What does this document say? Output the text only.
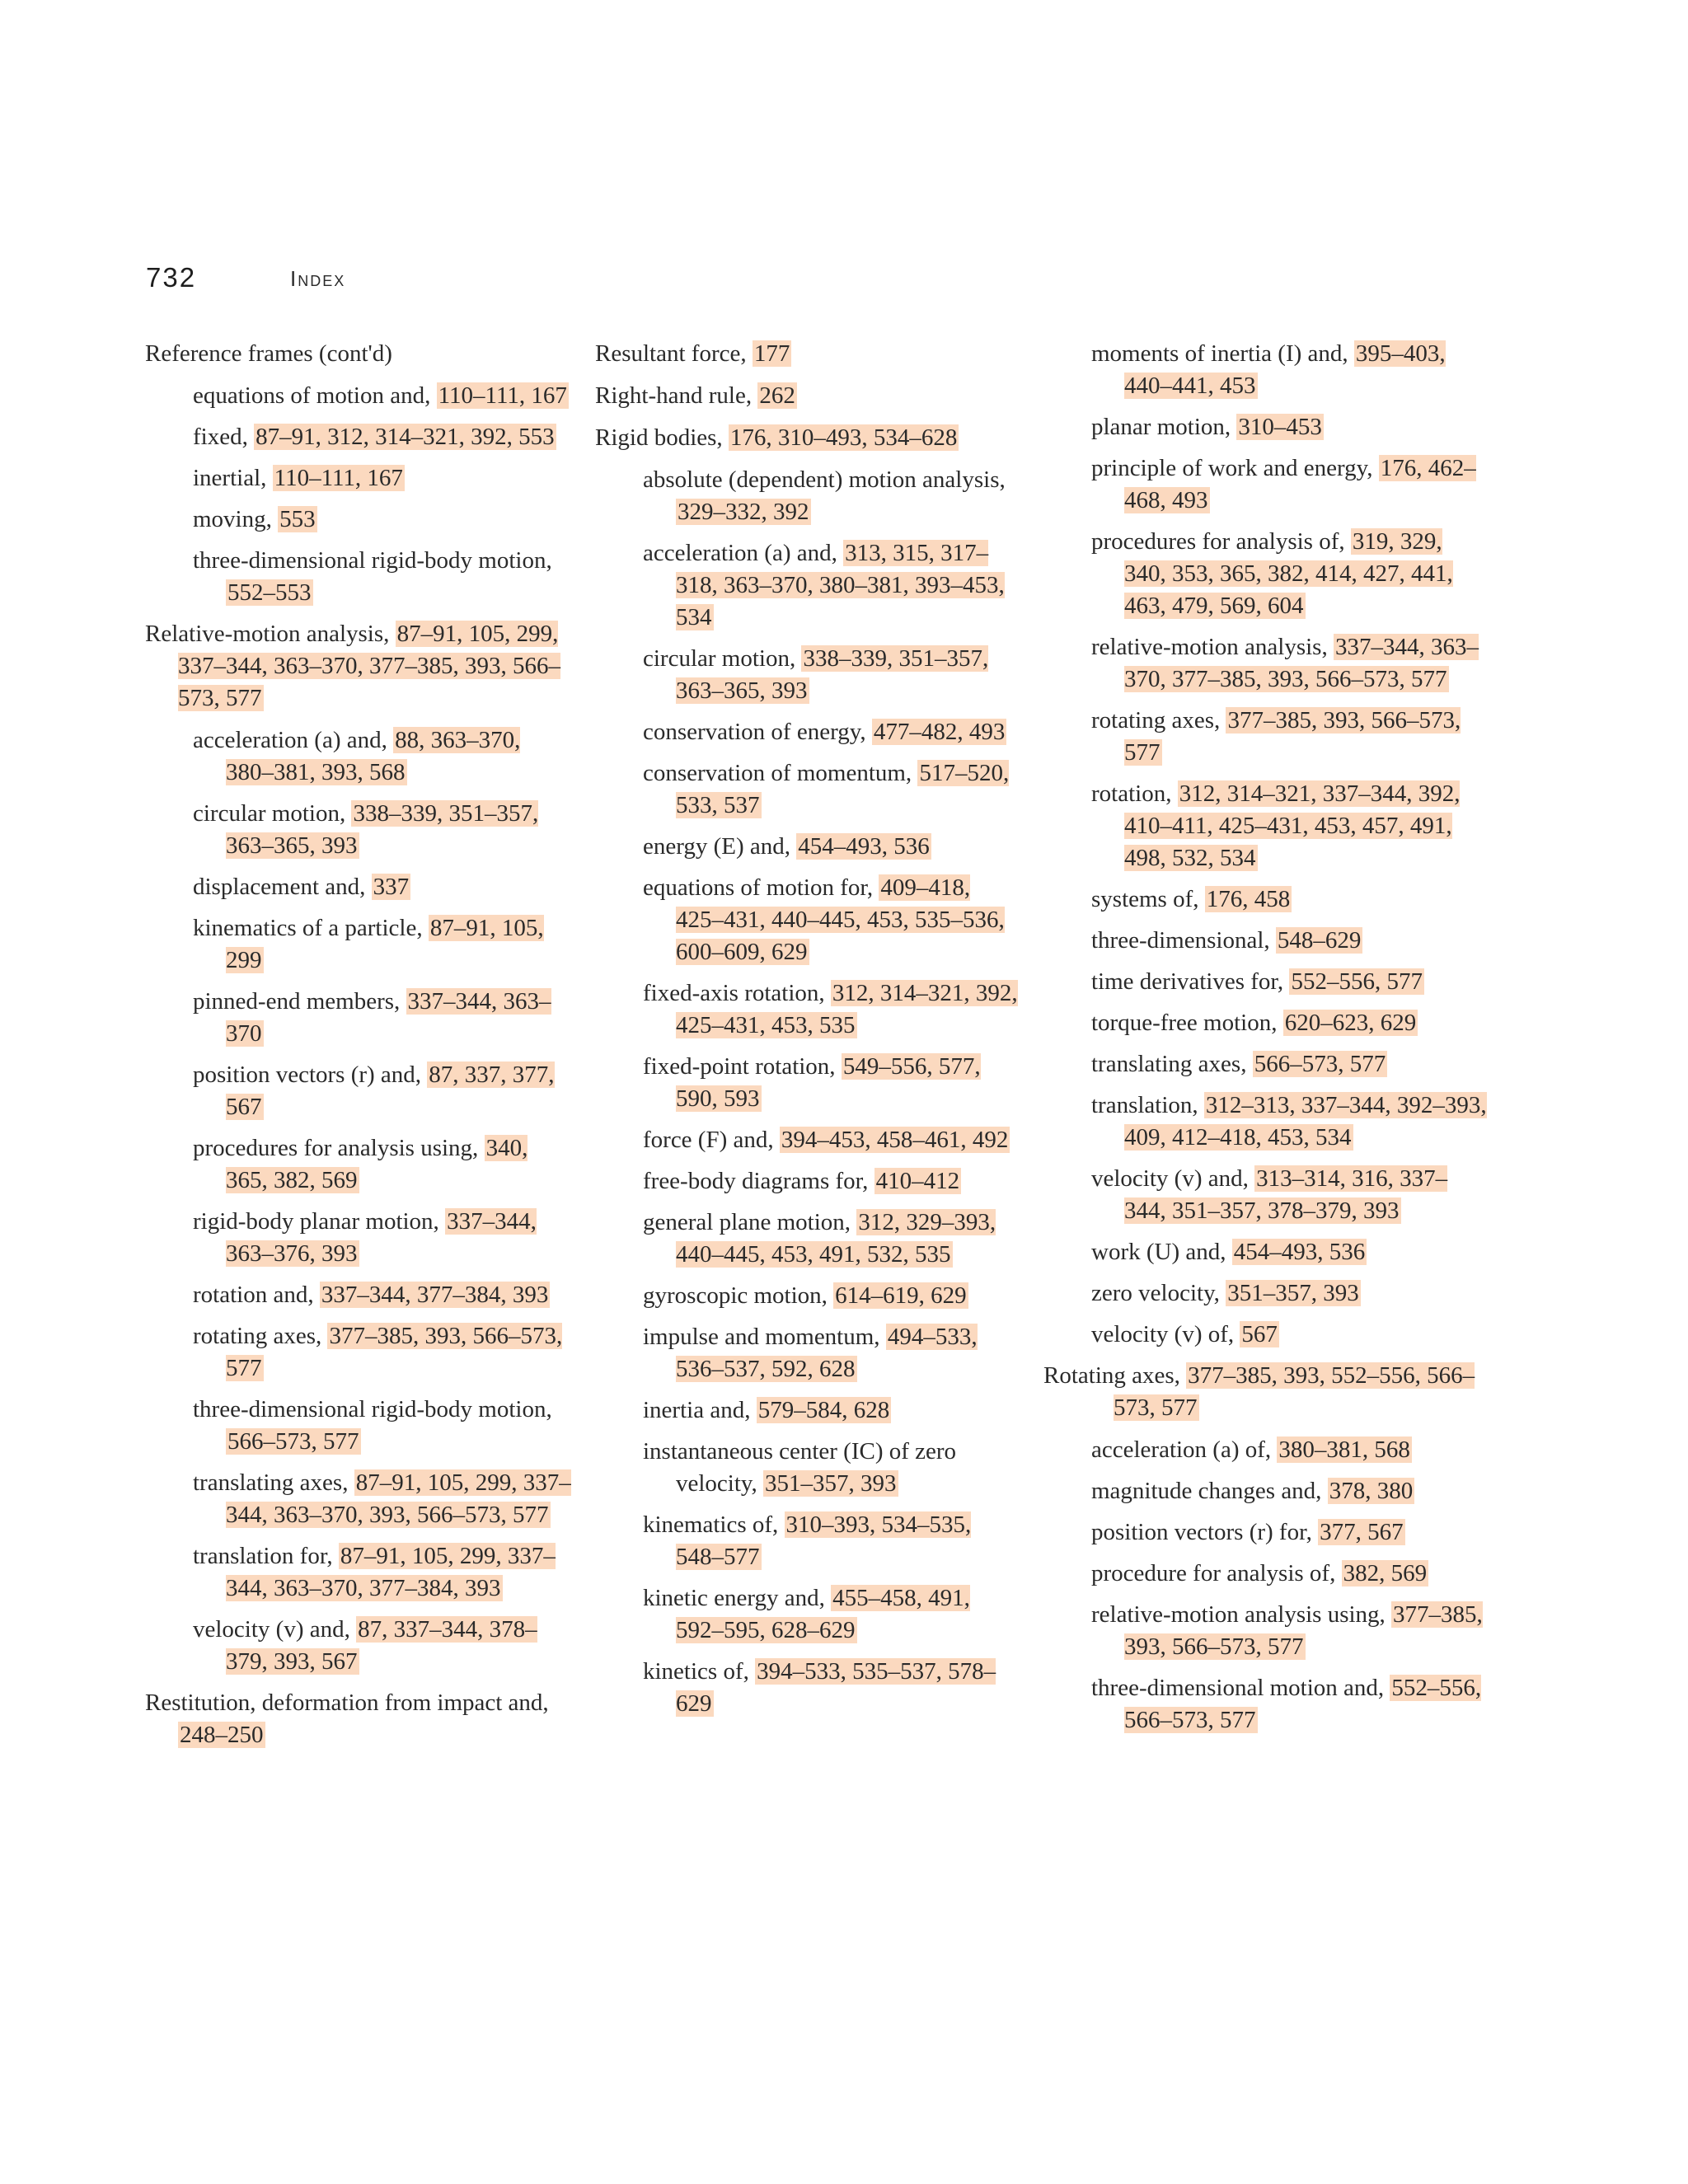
732	Index
Reference frames (cont'd)
equations of motion and, 110–111, 167
fixed, 87–91, 312, 314–321, 392, 553
inertial, 110–111, 167
moving, 553
three-dimensional rigid-body motion, 552–553
Relative-motion analysis, 87–91, 105, 299, 337–344, 363–370, 377–385, 393, 566–573, 577
acceleration (a) and, 88, 363–370, 380–381, 393, 568
circular motion, 338–339, 351–357, 363–365, 393
displacement and, 337
kinematics of a particle, 87–91, 105, 299
pinned-end members, 337–344, 363–370
position vectors (r) and, 87, 337, 377, 567
procedures for analysis using, 340, 365, 382, 569
rigid-body planar motion, 337–344, 363–376, 393
rotation and, 337–344, 377–384, 393
rotating axes, 377–385, 393, 566–573, 577
three-dimensional rigid-body motion, 566–573, 577
translating axes, 87–91, 105, 299, 337–344, 363–370, 393, 566–573, 577
translation for, 87–91, 105, 299, 337–344, 363–370, 377–384, 393
velocity (v) and, 87, 337–344, 378–379, 393, 567
Restitution, deformation from impact and, 248–250
Resultant force, 177
Right-hand rule, 262
Rigid bodies, 176, 310–493, 534–628
absolute (dependent) motion analysis, 329–332, 392
acceleration (a) and, 313, 315, 317–318, 363–370, 380–381, 393–453, 534
circular motion, 338–339, 351–357, 363–365, 393
conservation of energy, 477–482, 493
conservation of momentum, 517–520, 533, 537
energy (E) and, 454–493, 536
equations of motion for, 409–418, 425–431, 440–445, 453, 535–536, 600–609, 629
fixed-axis rotation, 312, 314–321, 392, 425–431, 453, 535
fixed-point rotation, 549–556, 577, 590, 593
force (F) and, 394–453, 458–461, 492
free-body diagrams for, 410–412
general plane motion, 312, 329–393, 440–445, 453, 491, 532, 535
gyroscopic motion, 614–619, 629
impulse and momentum, 494–533, 536–537, 592, 628
inertia and, 579–584, 628
instantaneous center (IC) of zero velocity, 351–357, 393
kinematics of, 310–393, 534–535, 548–577
kinetic energy and, 455–458, 491, 592–595, 628–629
kinetics of, 394–533, 535–537, 578–629
moments of inertia (I) and, 395–403, 440–441, 453
planar motion, 310–453
principle of work and energy, 176, 462–468, 493
procedures for analysis of, 319, 329, 340, 353, 365, 382, 414, 427, 441, 463, 479, 569, 604
relative-motion analysis, 337–344, 363–370, 377–385, 393, 566–573, 577
rotating axes, 377–385, 393, 566–573, 577
rotation, 312, 314–321, 337–344, 392, 410–411, 425–431, 453, 457, 491, 498, 532, 534
systems of, 176, 458
three-dimensional, 548–629
time derivatives for, 552–556, 577
torque-free motion, 620–623, 629
translating axes, 566–573, 577
translation, 312–313, 337–344, 392–393, 409, 412–418, 453, 534
velocity (v) and, 313–314, 316, 337–344, 351–357, 378–379, 393
work (U) and, 454–493, 536
zero velocity, 351–357, 393
velocity (v) of, 567
Rotating axes, 377–385, 393, 552–556, 566–573, 577
acceleration (a) of, 380–381, 568
magnitude changes and, 378, 380
position vectors (r) for, 377, 567
procedure for analysis of, 382, 569
relative-motion analysis using, 377–385, 393, 566–573, 577
three-dimensional motion and, 552–556, 566–573, 577
